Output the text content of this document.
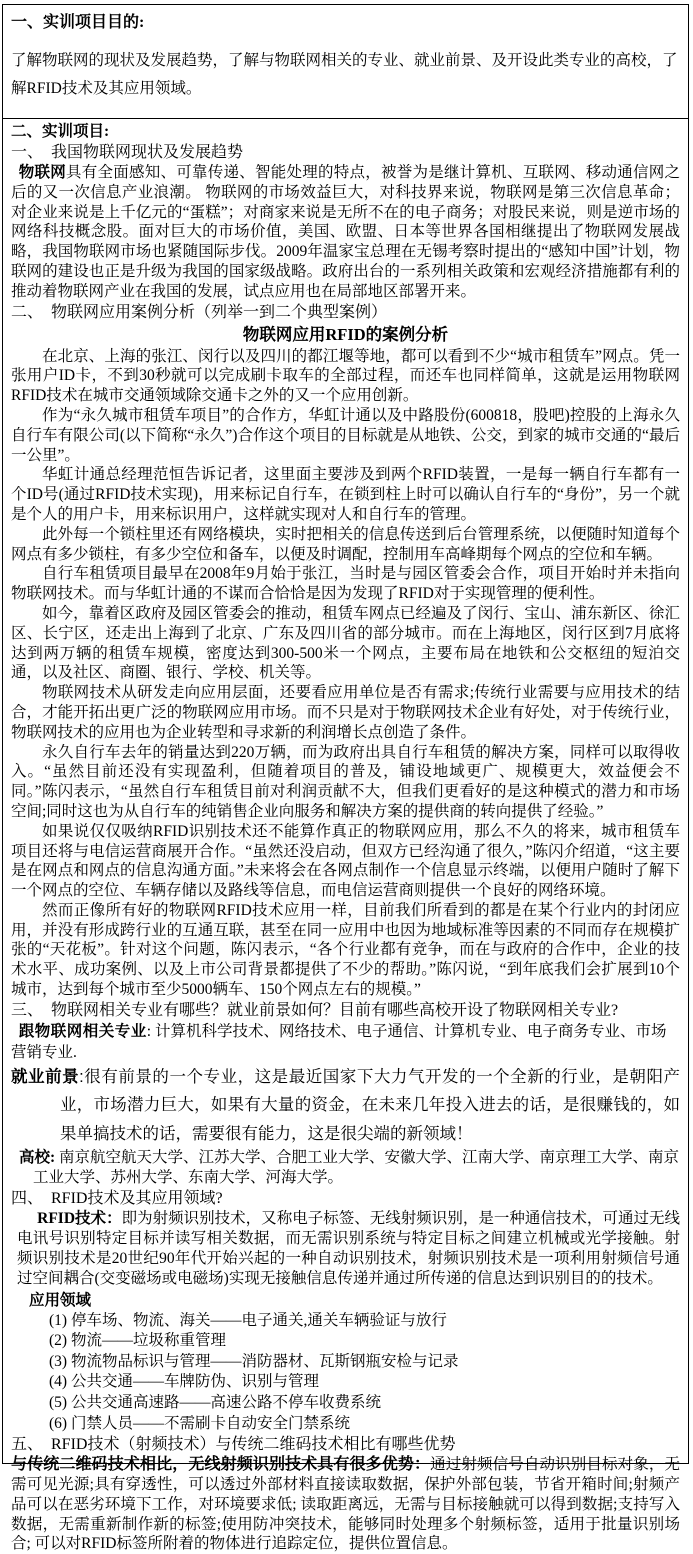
一、实训项目目的:

了解物联网的现状及发展趋势，了解与物联网相关的专业、就业前景、及开设此类专业的高校，了解RFID技术及其应用领域。

二、实训项目:

一、　我国物联网现状及发展趋势

物联网具有全面感知、可靠传递、智能处理的特点，被誉为是继计算机、互联网、移动通信网之后的又一次信息产业浪潮。 物联网的市场效益巨大，对科技界来说，物联网是第三次信息革命；对企业来说是上千亿元的“蛋糕”；对商家来说是无所不在的电子商务；对股民来说，则是逆市场的网络科技概念股。面对巨大的市场价值，美国、欧盟、日本等世界各国相继提出了物联网发展战略，我国物联网市场也紧随国际步伐。2009年温家宝总理在无锡考察时提出的“感知中国”计划，物联网的建设也正是升级为我国的国家级战略。政府出台的一系列相关政策和宏观经济措施都有利的推动着物联网产业在我国的发展，试点应用也在局部地区部署开来。

二、　物联网应用案例分析（列举一到二个典型案例）

物联网应用RFID的案例分析

在北京、上海的张江、闵行以及四川的都江堰等地，都可以看到不少“城市租赁车”网点。凭一张用户ID卡，不到30秒就可以完成刷卡取车的全部过程，而还车也同样简单，这就是运用物联网RFID技术在城市交通领域除交通卡之外的又一个应用创新。

作为“永久城市租赁车项目”的合作方，华虹计通以及中路股份(600818，股吧)控股的上海永久自行车有限公司(以下简称“永久”)合作这个项目的目标就是从地铁、公交，到家的城市交通的“最后一公里”。

华虹计通总经理范恒告诉记者，这里面主要涉及到两个RFID装置，一是每一辆自行车都有一个ID号(通过RFID技术实现)，用来标记自行车，在锁到柱上时可以确认自行车的“身份”，另一个就是个人的用户卡，用来标识用户，这样就实现对人和自行车的管理。

此外每一个锁柱里还有网络模块，实时把相关的信息传送到后台管理系统，以便随时知道每个网点有多少锁柱，有多少空位和备车，以便及时调配，控制用车高峰期每个网点的空位和车辆。

自行车租赁项目最早在2008年9月始于张江，当时是与园区管委会合作，项目开始时并未指向物联网技术。而与华虹计通的不谋而合恰恰是因为发现了RFID对于实现管理的便利性。

如今，靠着区政府及园区管委会的推动，租赁车网点已经遍及了闵行、宝山、浦东新区、徐汇区、长宁区，还走出上海到了北京、广东及四川省的部分城市。而在上海地区，闵行区到7月底将达到两万辆的租赁车规模，密度达到300-500米一个网点，主要布局在地铁和公交枢纽的短泊交通，以及社区、商圈、银行、学校、机关等。

物联网技术从研发走向应用层面，还要看应用单位是否有需求;传统行业需要与应用技术的结合，才能开拓出更广泛的物联网应用市场。而不只是对于物联网技术企业有好处，对于传统行业，物联网技术的应用也为企业转型和寻求新的利润增长点创造了条件。

永久自行车去年的销量达到220万辆，而为政府出具自行车租赁的解决方案，同样可以取得收入。“虽然目前还没有实现盈利，但随着项目的普及，铺设地域更广、规模更大，效益便会不同。”陈闪表示，“虽然自行车租赁目前对利润贡献不大，但我们更看好的是这种模式的潜力和市场空间;同时这也为从自行车的纯销售企业向服务和解决方案的提供商的转向提供了经验。”

如果说仅仅吸纳RFID识别技术还不能算作真正的物联网应用，那么不久的将来，城市租赁车项目还将与电信运营商展开合作。“虽然还没启动，但双方已经沟通了很久，”陈闪介绍道，“这主要是在网点和网点的信息沟通方面。”未来将会在各网点制作一个信息显示终端，以便用户随时了解下一个网点的空位、车辆存储以及路线等信息，而电信运营商则提供一个良好的网络环境。

然而正像所有好的物联网RFID技术应用一样，目前我们所看到的都是在某个行业内的封闭应用，并没有形成跨行业的互通互联，甚至在同一应用中也因为地域标准等因素的不同而存在规模扩张的“天花板”。针对这个问题，陈闪表示，“各个行业都有竞争，而在与政府的合作中，企业的技术水平、成功案例、以及上市公司背景都提供了不少的帮助。”陈闪说，“到年底我们会扩展到10个城市，达到每个城市至少5000辆车、150个网点左右的规模。”

三、　物联网相关专业有哪些？就业前景如何？目前有哪些高校开设了物联网相关专业?

跟物联网相关专业: 计算机科学技术、网络技术、电子通信、计算机专业、电子商务专业、市场营销专业.

就业前景:很有前景的一个专业，这是最近国家下大力气开发的一个全新的行业，是朝阳产业，市场潜力巨大，如果有大量的资金，在未来几年投入进去的话，是很赚钱的，如果单搞技术的话，需要很有能力，这是很尖端的新领域！

高校: 南京航空航天大学、江苏大学、合肥工业大学、安徽大学、江南大学、南京理工大学、南京工业大学、苏州大学、东南大学、河海大学。

四、　RFID技术及其应用领域?

RFID技术：即为射频识别技术，又称电子标签、无线射频识别，是一种通信技术，可通过无线电讯号识别特定目标并读写相关数据，而无需识别系统与特定目标之间建立机械或光学接触。射频识别技术是20世纪90年代开始兴起的一种自动识别技术，射频识别技术是一项利用射频信号通过空间耦合(交变磁场或电磁场)实现无接触信息传递并通过所传递的信息达到识别目的的技术。

应用领域

(1) 停车场、物流、海关——电子通关,通关车辆验证与放行

(2) 物流——垃圾称重管理

(3) 物流物品标识与管理——消防器材、瓦斯钢瓶安检与记录

(4) 公共交通——车牌防伪、识别与管理

(5) 公共交通高速路——高速公路不停车收费系统

(6) 门禁人员——不需刷卡自动安全门禁系统

五、　RFID技术（射频技术）与传统二维码技术相比有哪些优势

与传统二维码技术相比，无线射频识别技术具有很多优势：通过射频信号自动识别目标对象，无需可见光源;具有穿透性，可以透过外部材料直接读取数据，保护外部包装，节省开箱时间;射频产品可以在恶劣环境下工作，对环境要求低; 读取距离远，无需与目标接触就可以得到数据;支持写入数据，无需重新制作新的标签;使用防冲突技术，能够同时处理多个射频标签，适用于批量识别场合; 可以对RFID标签所附着的物体进行追踪定位，提供位置信息。
